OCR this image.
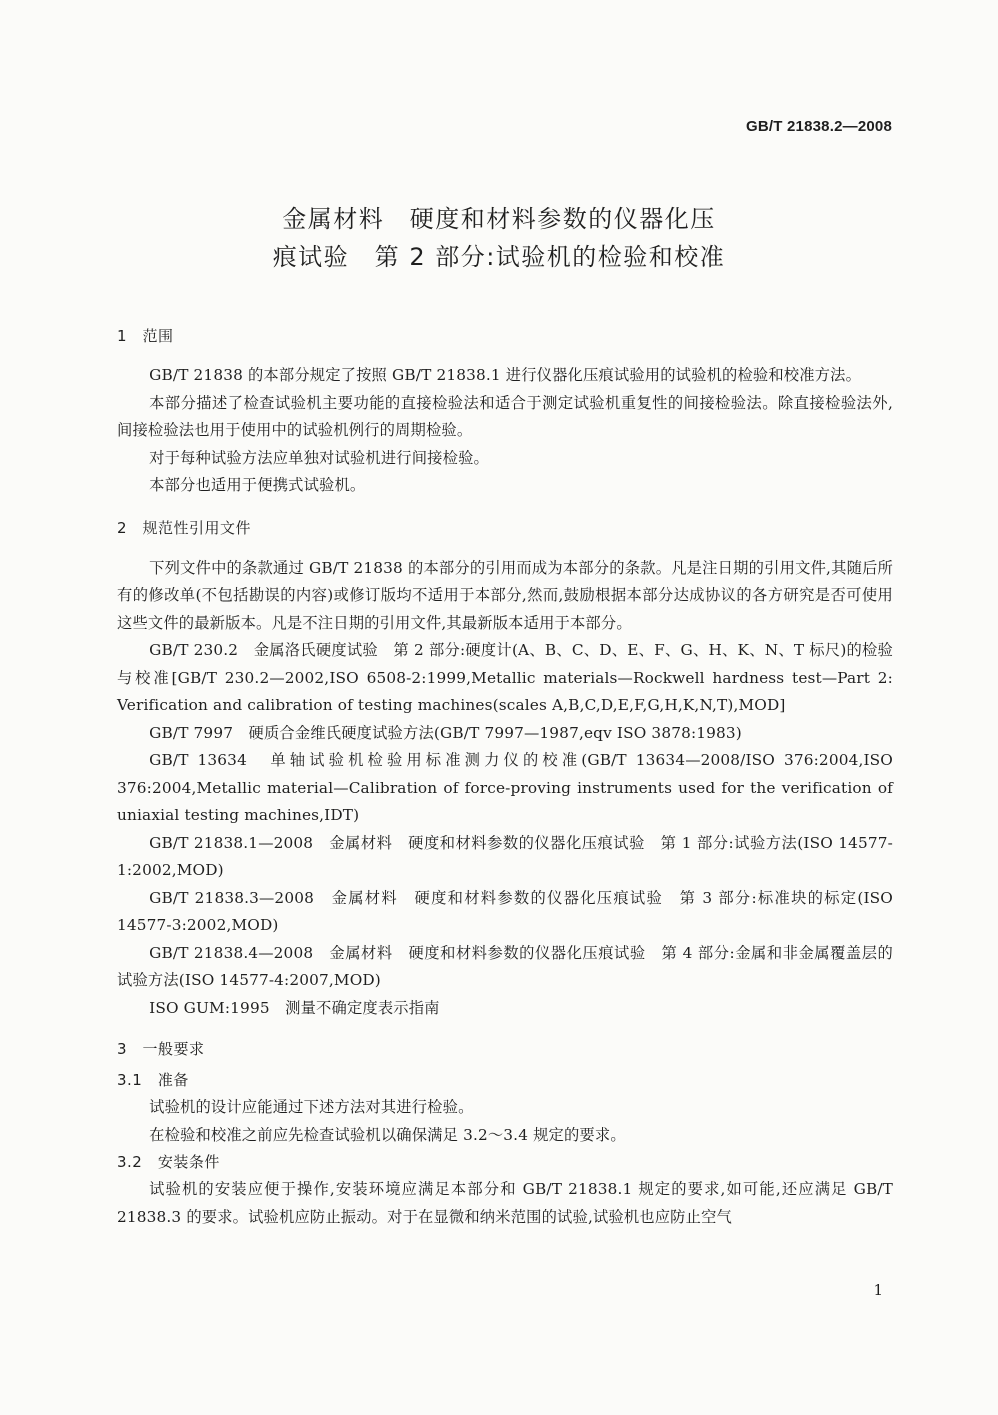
GB/T 21838.2—2008
金属材料　硬度和材料参数的仪器化压
痕试验　第 2 部分:试验机的检验和校准
1　范围
GB/T 21838 的本部分规定了按照 GB/T 21838.1 进行仪器化压痕试验用的试验机的检验和校准方法。
本部分描述了检查试验机主要功能的直接检验法和适合于测定试验机重复性的间接检验法。除直接检验法外,间接检验法也用于使用中的试验机例行的周期检验。
对于每种试验方法应单独对试验机进行间接检验。
本部分也适用于便携式试验机。
2　规范性引用文件
下列文件中的条款通过 GB/T 21838 的本部分的引用而成为本部分的条款。凡是注日期的引用文件,其随后所有的修改单(不包括勘误的内容)或修订版均不适用于本部分,然而,鼓励根据本部分达成协议的各方研究是否可使用这些文件的最新版本。凡是不注日期的引用文件,其最新版本适用于本部分。
GB/T 230.2　金属洛氏硬度试验　第 2 部分:硬度计(A、B、C、D、E、F、G、H、K、N、T 标尺)的检验与校准[GB/T 230.2—2002,ISO 6508-2:1999,Metallic materials—Rockwell hardness test—Part 2: Verification and calibration of testing machines(scales A,B,C,D,E,F,G,H,K,N,T),MOD]
GB/T 7997　硬质合金维氏硬度试验方法(GB/T 7997—1987,eqv ISO 3878:1983)
GB/T 13634　单轴试验机检验用标准测力仪的校准(GB/T 13634—2008/ISO 376:2004,ISO 376:2004,Metallic material—Calibration of force-proving instruments used for the verification of uniaxial testing machines,IDT)
GB/T 21838.1—2008　金属材料　硬度和材料参数的仪器化压痕试验　第 1 部分:试验方法(ISO 14577-1:2002,MOD)
GB/T 21838.3—2008　金属材料　硬度和材料参数的仪器化压痕试验　第 3 部分:标准块的标定(ISO 14577-3:2002,MOD)
GB/T 21838.4—2008　金属材料　硬度和材料参数的仪器化压痕试验　第 4 部分:金属和非金属覆盖层的试验方法(ISO 14577-4:2007,MOD)
ISO GUM:1995　测量不确定度表示指南
3　一般要求
3.1　准备
试验机的设计应能通过下述方法对其进行检验。
在检验和校准之前应先检查试验机以确保满足 3.2～3.4 规定的要求。
3.2　安装条件
试验机的安装应便于操作,安装环境应满足本部分和 GB/T 21838.1 规定的要求,如可能,还应满足 GB/T 21838.3 的要求。试验机应防止振动。对于在显微和纳米范围的试验,试验机也应防止空气
1
